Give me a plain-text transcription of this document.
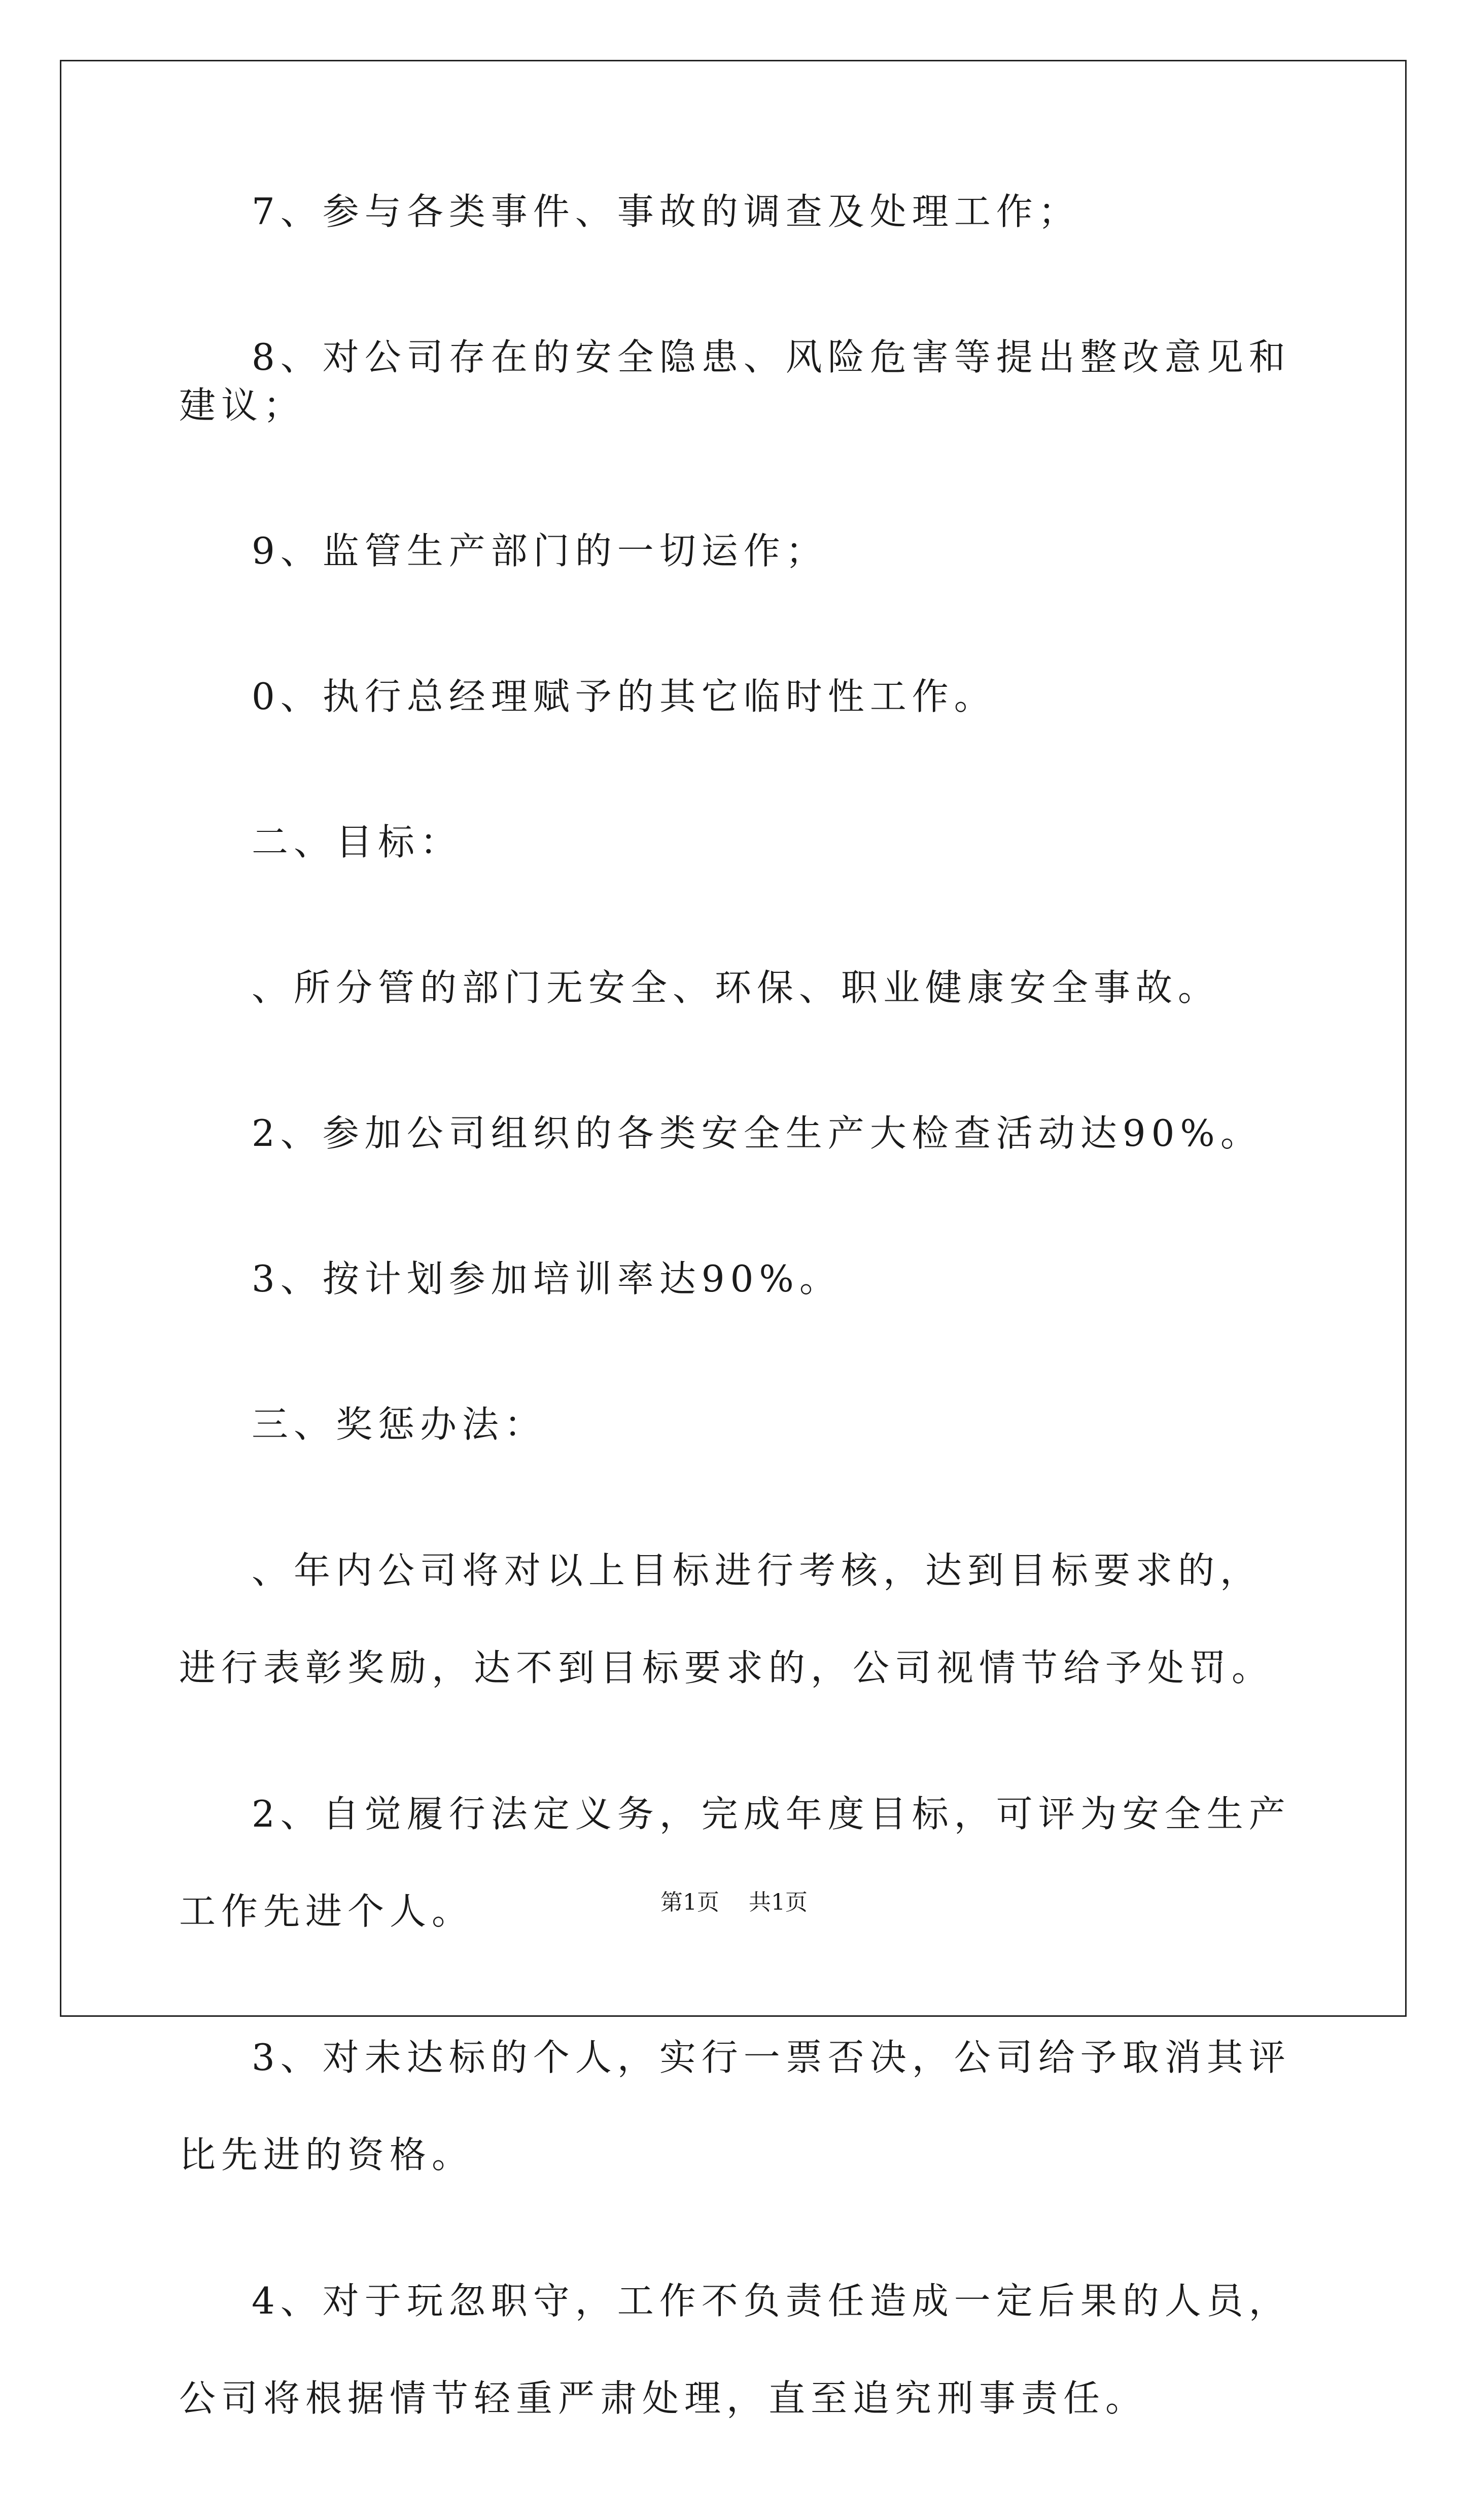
7、参与各类事件、事故的调查及处理工作；

8、对公司存在的安全隐患、风险危害等提出整改意见和建议；

9、监管生产部门的一切运作；

0、执行总经理赋予的其它临时性工作。

二、目标：

、所分管的部门无安全、环保、职业健康安全事故。

2、参加公司组织的各类安全生产大检查活动达90%。

3、按计划参加培训率达90%。

三、奖惩办法：

、年内公司将对以上目标进行考核，达到目标要求的，进行表彰奖励，达不到目标要求的，公司视情节给予处罚。

2、自觉履行法定义务，完成年度目标，可评为安全生产工作先进个人。

3、对未达标的个人，实行一票否决，公司给予取消其评比先进的资格。

4、对于玩忽职守，工作不负责任造成一定后果的人员，公司将根据情节轻重严肃处理，直至追究刑事责任。

第1页 共1页
